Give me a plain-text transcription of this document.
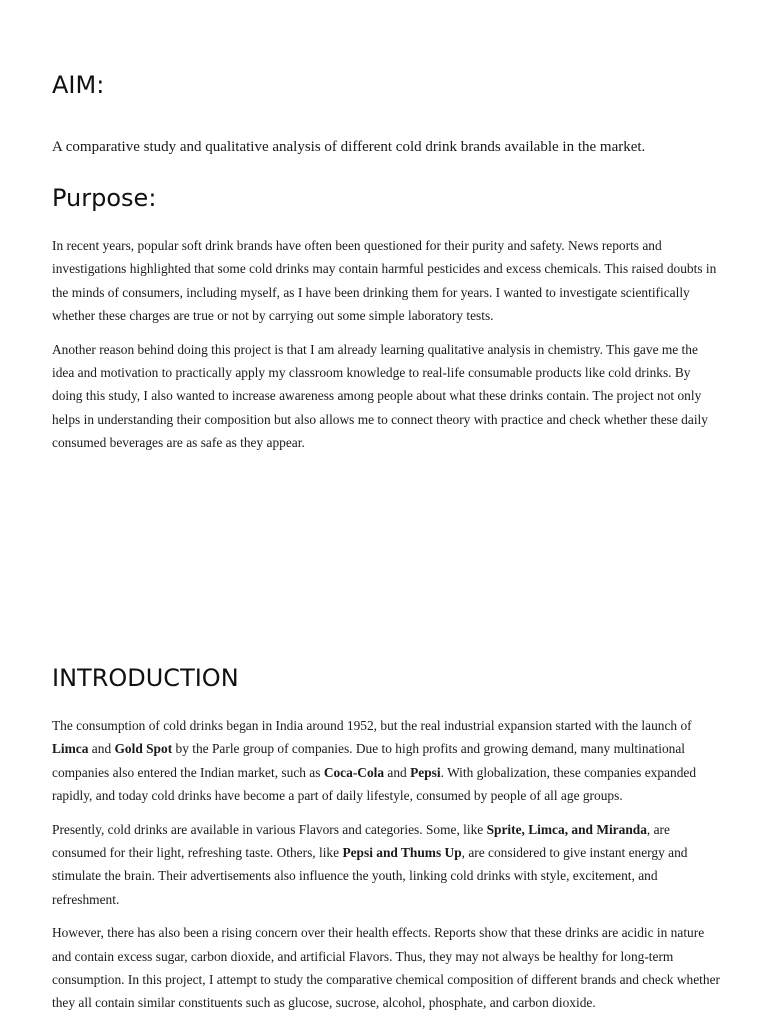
AIM:

A comparative study and qualitative analysis of different cold drink brands available in the market.

Purpose:

In recent years, popular soft drink brands have often been questioned for their purity and safety. News reports and investigations highlighted that some cold drinks may contain harmful pesticides and excess chemicals. This raised doubts in the minds of consumers, including myself, as I have been drinking them for years. I wanted to investigate scientifically whether these charges are true or not by carrying out some simple laboratory tests.

Another reason behind doing this project is that I am already learning qualitative analysis in chemistry. This gave me the idea and motivation to practically apply my classroom knowledge to real-life consumable products like cold drinks. By doing this study, I also wanted to increase awareness among people about what these drinks contain. The project not only helps in understanding their composition but also allows me to connect theory with practice and check whether these daily consumed beverages are as safe as they appear.

INTRODUCTION

The consumption of cold drinks began in India around 1952, but the real industrial expansion started with the launch of Limca and Gold Spot by the Parle group of companies. Due to high profits and growing demand, many multinational companies also entered the Indian market, such as Coca-Cola and Pepsi. With globalization, these companies expanded rapidly, and today cold drinks have become a part of daily lifestyle, consumed by people of all age groups.

Presently, cold drinks are available in various Flavors and categories. Some, like Sprite, Limca, and Miranda, are consumed for their light, refreshing taste. Others, like Pepsi and Thums Up, are considered to give instant energy and stimulate the brain. Their advertisements also influence the youth, linking cold drinks with style, excitement, and refreshment.

However, there has also been a rising concern over their health effects. Reports show that these drinks are acidic in nature and contain excess sugar, carbon dioxide, and artificial Flavors. Thus, they may not always be healthy for long-term consumption. In this project, I attempt to study the comparative chemical composition of different brands and check whether they all contain similar constituents such as glucose, sucrose, alcohol, phosphate, and carbon dioxide.
